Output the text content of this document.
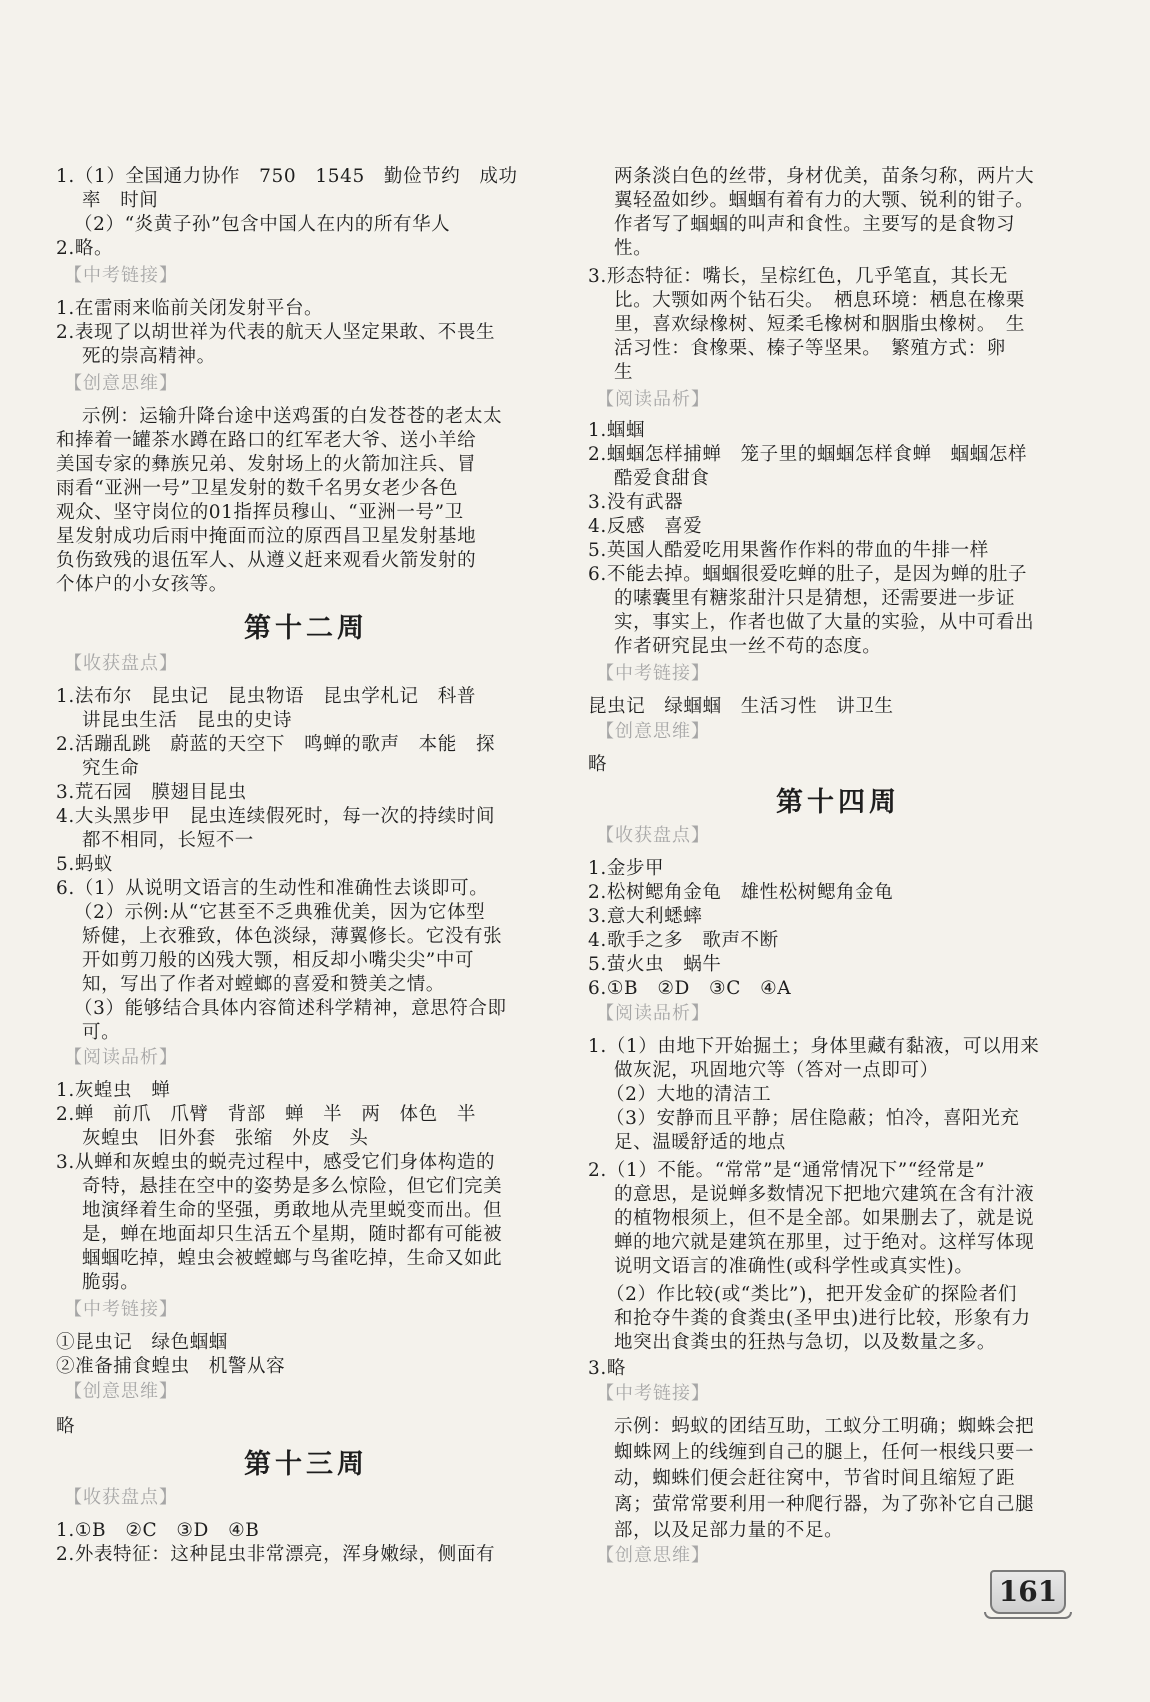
1.（1）全国通力协作　750　1545　勤俭节约　成功
率　时间
（2）“炎黄子孙”包含中国人在内的所有华人
2.略。
【 中考链接 】
1.在雷雨来临前关闭发射平台。
2.表现了以胡世祥为代表的航天人坚定果敢、不畏生
死的崇高精神。
【 创意思维 】
示例：运输升降台途中送鸡蛋的白发苍苍的老太太
和捧着一罐茶水蹲在路口的红军老大爷、送小羊给
美国专家的彝族兄弟、发射场上的火箭加注兵、冒
雨看“亚洲一号”卫星发射的数千名男女老少各色
观众、坚守岗位的01指挥员穆山、“亚洲一号”卫
星发射成功后雨中掩面而泣的原西昌卫星发射基地
负伤致残的退伍军人、从遵义赶来观看火箭发射的
个体户的小女孩等。
第十二周
【 收获盘点 】
1.法布尔　昆虫记　昆虫物语　昆虫学札记　科普
讲昆虫生活　昆虫的史诗
2.活蹦乱跳　蔚蓝的天空下　鸣蝉的歌声　本能　探
究生命
3.荒石园　膜翅目昆虫
4.大头黑步甲　昆虫连续假死时，每一次的持续时间
都不相同，长短不一
5.蚂蚁
6.（1）从说明文语言的生动性和准确性去谈即可。
（2）示例:从“它甚至不乏典雅优美，因为它体型
矫健，上衣雅致，体色淡绿，薄翼修长。它没有张
开如剪刀般的凶残大颚，相反却小嘴尖尖”中可
知，写出了作者对螳螂的喜爱和赞美之情。
（3）能够结合具体内容简述科学精神，意思符合即
可。
【 阅读品析 】
1.灰蝗虫　蝉
2.蝉　前爪　爪臂　背部　蝉　半　两　体色　半
灰蝗虫　旧外套　张缩　外皮　头
3.从蝉和灰蝗虫的蜕壳过程中，感受它们身体构造的
奇特，悬挂在空中的姿势是多么惊险，但它们完美
地演绎着生命的坚强，勇敢地从壳里蜕变而出。但
是，蝉在地面却只生活五个星期，随时都有可能被
蝈蝈吃掉，蝗虫会被螳螂与鸟雀吃掉，生命又如此
脆弱。
【 中考链接 】
①昆虫记　绿色蝈蝈
②准备捕食蝗虫　机警从容
【 创意思维 】
略
第十三周
【 收获盘点 】
1.①B　②C　③D　④B
2.外表特征：这种昆虫非常漂亮，浑身嫩绿，侧面有
两条淡白色的丝带，身材优美，苗条匀称，两片大
翼轻盈如纱。蝈蝈有着有力的大颚、锐利的钳子。
作者写了蝈蝈的叫声和食性。主要写的是食物习
性。
3.形态特征：嘴长，呈棕红色，几乎笔直，其长无
比。大颚如两个钻石尖。　栖息环境：栖息在橡栗
里，喜欢绿橡树、短柔毛橡树和胭脂虫橡树。　生
活习性：食橡栗、榛子等坚果。　繁殖方式：卵
生
【 阅读品析 】
1.蝈蝈
2.蝈蝈怎样捕蝉　笼子里的蝈蝈怎样食蝉　蝈蝈怎样
酷爱食甜食
3.没有武器
4.反感　喜爱
5.英国人酷爱吃用果酱作作料的带血的牛排一样
6.不能去掉。蝈蝈很爱吃蝉的肚子，是因为蝉的肚子
的嗉囊里有糖浆甜汁只是猜想，还需要进一步证
实，事实上，作者也做了大量的实验，从中可看出
作者研究昆虫一丝不苟的态度。
【 中考链接 】
昆虫记　绿蝈蝈　生活习性　讲卫生
【 创意思维 】
略
第十四周
【 收获盘点 】
1.金步甲
2.松树鳃角金龟　雄性松树鳃角金龟
3.意大利蟋蟀
4.歌手之多　歌声不断
5.萤火虫　蜗牛
6.①B　②D　③C　④A
【 阅读品析 】
1.（1）由地下开始掘土；身体里藏有黏液，可以用来
做灰泥，巩固地穴等（答对一点即可）
（2）大地的清洁工
（3）安静而且平静；居住隐蔽；怕冷，喜阳光充
足、温暖舒适的地点
2.（1）不能。“常常”是“通常情况下”“经常是”
的意思，是说蝉多数情况下把地穴建筑在含有汁液
的植物根须上，但不是全部。如果删去了，就是说
蝉的地穴就是建筑在那里，过于绝对。这样写体现
说明文语言的准确性(或科学性或真实性)。
（2）作比较(或“类比”)，把开发金矿的探险者们
和抢夺牛粪的食粪虫(圣甲虫)进行比较，形象有力
地突出食粪虫的狂热与急切，以及数量之多。
3.略
【 中考链接 】
示例：蚂蚁的团结互助，工蚁分工明确；蜘蛛会把
蜘蛛网上的线缠到自己的腿上，任何一根线只要一
动，蜘蛛们便会赶往窝中，节省时间且缩短了距
离；萤常常要利用一种爬行器，为了弥补它自己腿
部，以及足部力量的不足。
【 创意思维 】
161
